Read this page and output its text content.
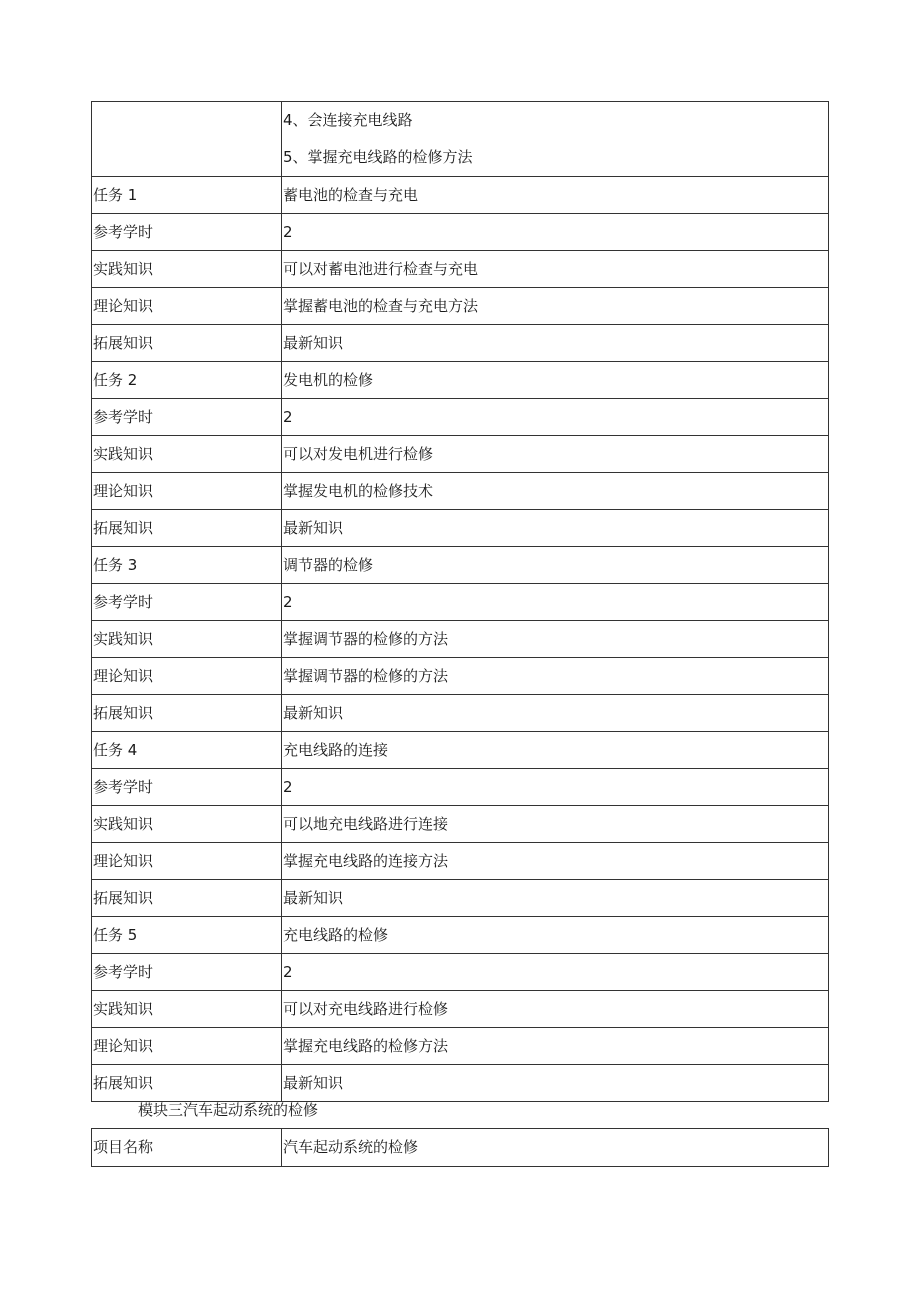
4、会连接充电线路
5、掌握充电线路的检修方法

任务 1	蓄电池的检查与充电
参考学时	2
实践知识	可以对蓄电池进行检查与充电
理论知识	掌握蓄电池的检查与充电方法
拓展知识	最新知识
任务 2	发电机的检修
参考学时	2
实践知识	可以对发电机进行检修
理论知识	掌握发电机的检修技术
拓展知识	最新知识
任务 3	调节器的检修
参考学时	2
实践知识	掌握调节器的检修的方法
理论知识	掌握调节器的检修的方法
拓展知识	最新知识
任务 4	充电线路的连接
参考学时	2
实践知识	可以地充电线路进行连接
理论知识	掌握充电线路的连接方法
拓展知识	最新知识
任务 5	充电线路的检修
参考学时	2
实践知识	可以对充电线路进行检修
理论知识	掌握充电线路的检修方法
拓展知识	最新知识
模块三汽车起动系统的检修
项目名称	汽车起动系统的检修
